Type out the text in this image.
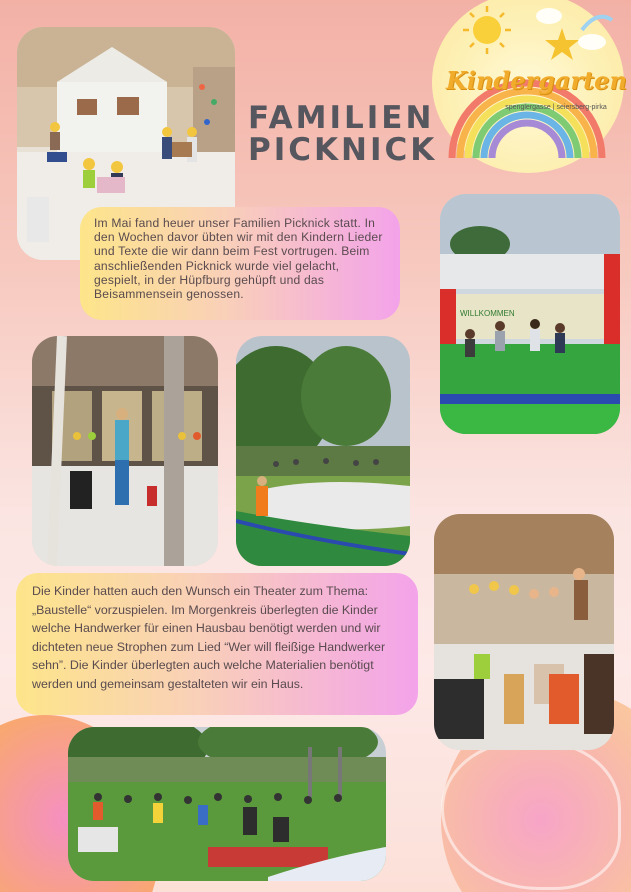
FAMILIEN PICKNICK
Kindergarten
spenglergasse | seiersberg-pirka
Im Mai fand heuer unser Familien Picknick statt. In den Wochen davor übten wir mit den Kindern Lieder und Texte die wir dann beim Fest vortrugen. Beim anschließenden Picknick wurde viel gelacht, gespielt, in der Hüpfburg gehüpft und das Beisammensein genossen.
WILLKOMMEN
Die Kinder hatten auch den Wunsch ein Theater zum Thema: „Baustelle“ vorzuspielen. Im Morgenkreis überlegten die Kinder welche Handwerker für einen Hausbau benötigt werden und wir dichteten neue Strophen zum Lied “Wer will fleißige Handwerker sehn”. Die Kinder überlegten auch welche Materialien benötigt werden und gemeinsam gestalteten wir ein Haus.
